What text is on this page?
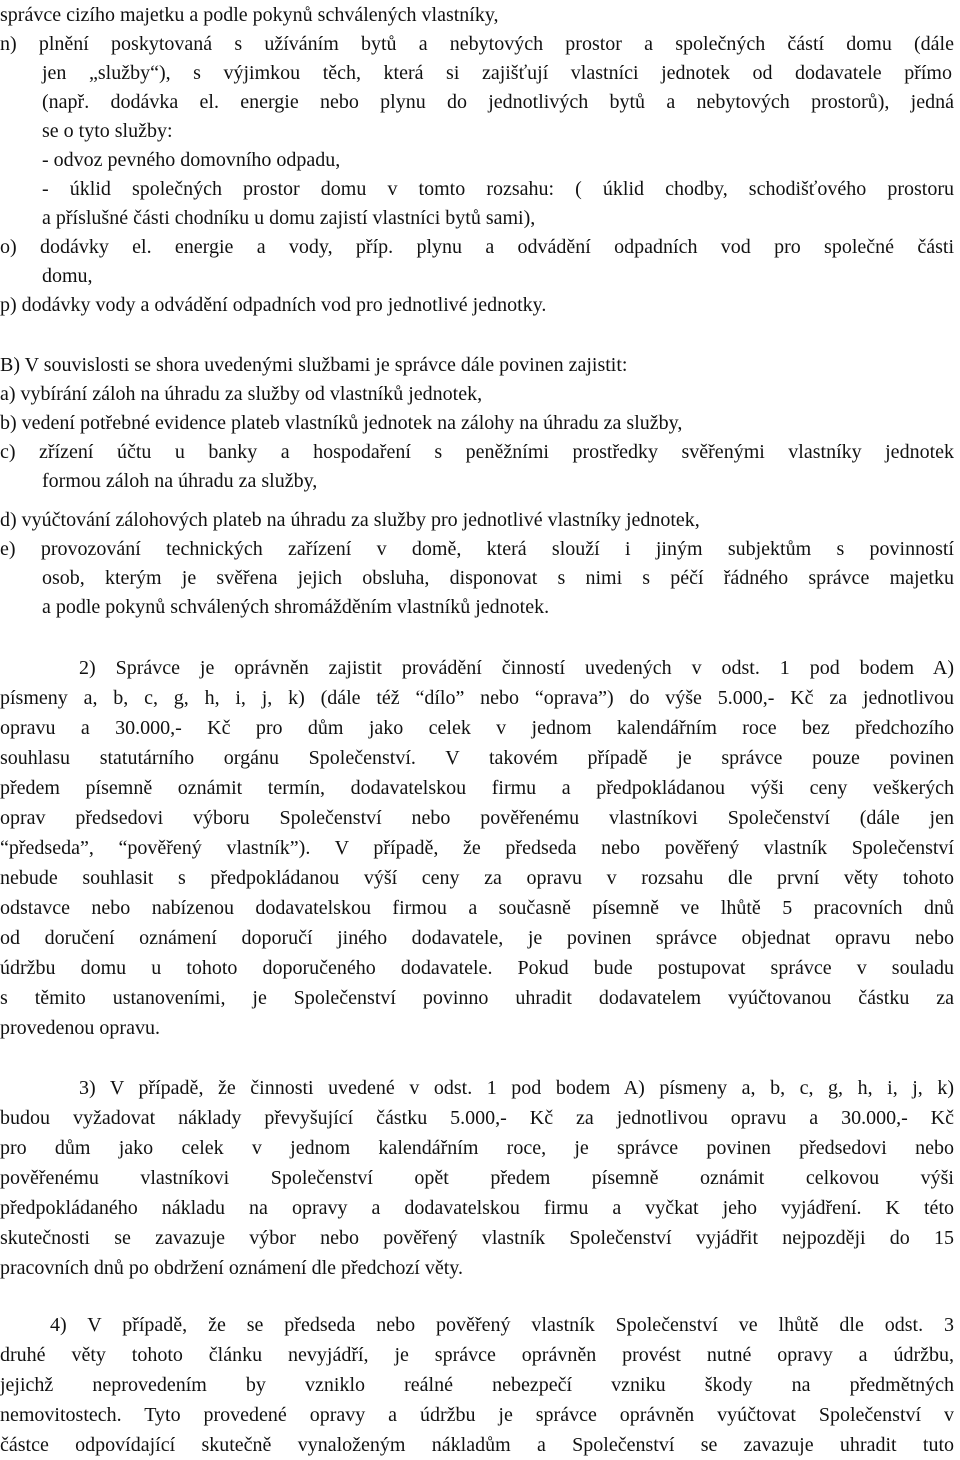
správce cizího majetku a podle pokynů schválených vlastníky,
n) plnění poskytovaná s užíváním bytů a nebytových prostor a společných částí domu (dále
jen „služby“), s výjimkou těch, která si zajišťují vlastníci jednotek od dodavatele přímo
(např. dodávka el. energie nebo plynu do jednotlivých bytů a nebytových prostorů), jedná
se o tyto služby:
- odvoz pevného domovního odpadu,
- úklid společných prostor domu v tomto rozsahu: ( úklid chodby, schodišťového prostoru
a příslušné části chodníku u domu zajistí vlastníci bytů sami),
o) dodávky el. energie a vody, příp. plynu a odvádění odpadních vod pro společné části
domu,
p) dodávky vody a odvádění odpadních vod pro jednotlivé jednotky.
B) V souvislosti se shora uvedenými službami je správce dále povinen zajistit:
a) vybírání záloh na úhradu za služby od vlastníků jednotek,
b) vedení potřebné evidence plateb vlastníků jednotek na zálohy na úhradu za služby,
c) zřízení účtu u banky a hospodaření s peněžními prostředky svěřenými vlastníky jednotek
formou záloh na úhradu za služby,
d) vyúčtování zálohových plateb na úhradu za služby pro jednotlivé vlastníky jednotek,
e) provozování technických zařízení v domě, která slouží i jiným subjektům s povinností
osob, kterým je svěřena jejich obsluha, disponovat s nimi s péčí řádného správce majetku
a podle pokynů schválených shromážděním vlastníků jednotek.
2) Správce je oprávněn zajistit provádění činností uvedených v odst. 1 pod bodem A)
písmeny a, b, c, g, h, i, j, k) (dále též “dílo” nebo “oprava”) do výše 5.000,- Kč za jednotlivou
opravu a 30.000,- Kč pro dům jako celek v jednom kalendářním roce bez předchozího
souhlasu statutárního orgánu Společenství. V takovém případě je správce pouze povinen
předem písemně oznámit termín, dodavatelskou firmu a předpokládanou výši ceny veškerých
oprav předsedovi výboru Společenství nebo pověřenému vlastníkovi Společenství (dále jen
“předseda”, “pověřený vlastník”). V případě, že předseda nebo pověřený vlastník Společenství
nebude souhlasit s předpokládanou výší ceny za opravu v rozsahu dle první věty tohoto
odstavce nebo nabízenou dodavatelskou firmou a současně písemně ve lhůtě 5 pracovních dnů
od doručení oznámení doporučí jiného dodavatele, je povinen správce objednat opravu nebo
údržbu domu u tohoto doporučeného dodavatele. Pokud bude postupovat správce v souladu
s těmito ustanoveními, je Společenství povinno uhradit dodavatelem vyúčtovanou částku za
provedenou opravu.
3) V případě, že činnosti uvedené v odst. 1 pod bodem A) písmeny a, b, c, g, h, i, j, k)
budou vyžadovat náklady převyšující částku 5.000,- Kč za jednotlivou opravu a 30.000,- Kč
pro dům jako celek v jednom kalendářním roce, je správce povinen předsedovi nebo
pověřenému vlastníkovi Společenství opět předem písemně oznámit celkovou výši
předpokládaného nákladu na opravy a dodavatelskou firmu a vyčkat jeho vyjádření. K této
skutečnosti se zavazuje výbor nebo pověřený vlastník Společenství vyjádřit nejpozději do 15
pracovních dnů po obdržení oznámení dle předchozí věty.
4) V případě, že se předseda nebo pověřený vlastník Společenství ve lhůtě dle odst. 3
druhé věty tohoto článku nevyjádří, je správce oprávněn provést nutné opravy a údržbu,
jejichž neprovedením by vzniklo reálné nebezpečí vzniku škody na předmětných
nemovitostech. Tyto provedené opravy a údržbu je správce oprávněn vyúčtovat Společenství v
částce odpovídající skutečně vynaloženým nákladům a Společenství se zavazuje uhradit tuto
